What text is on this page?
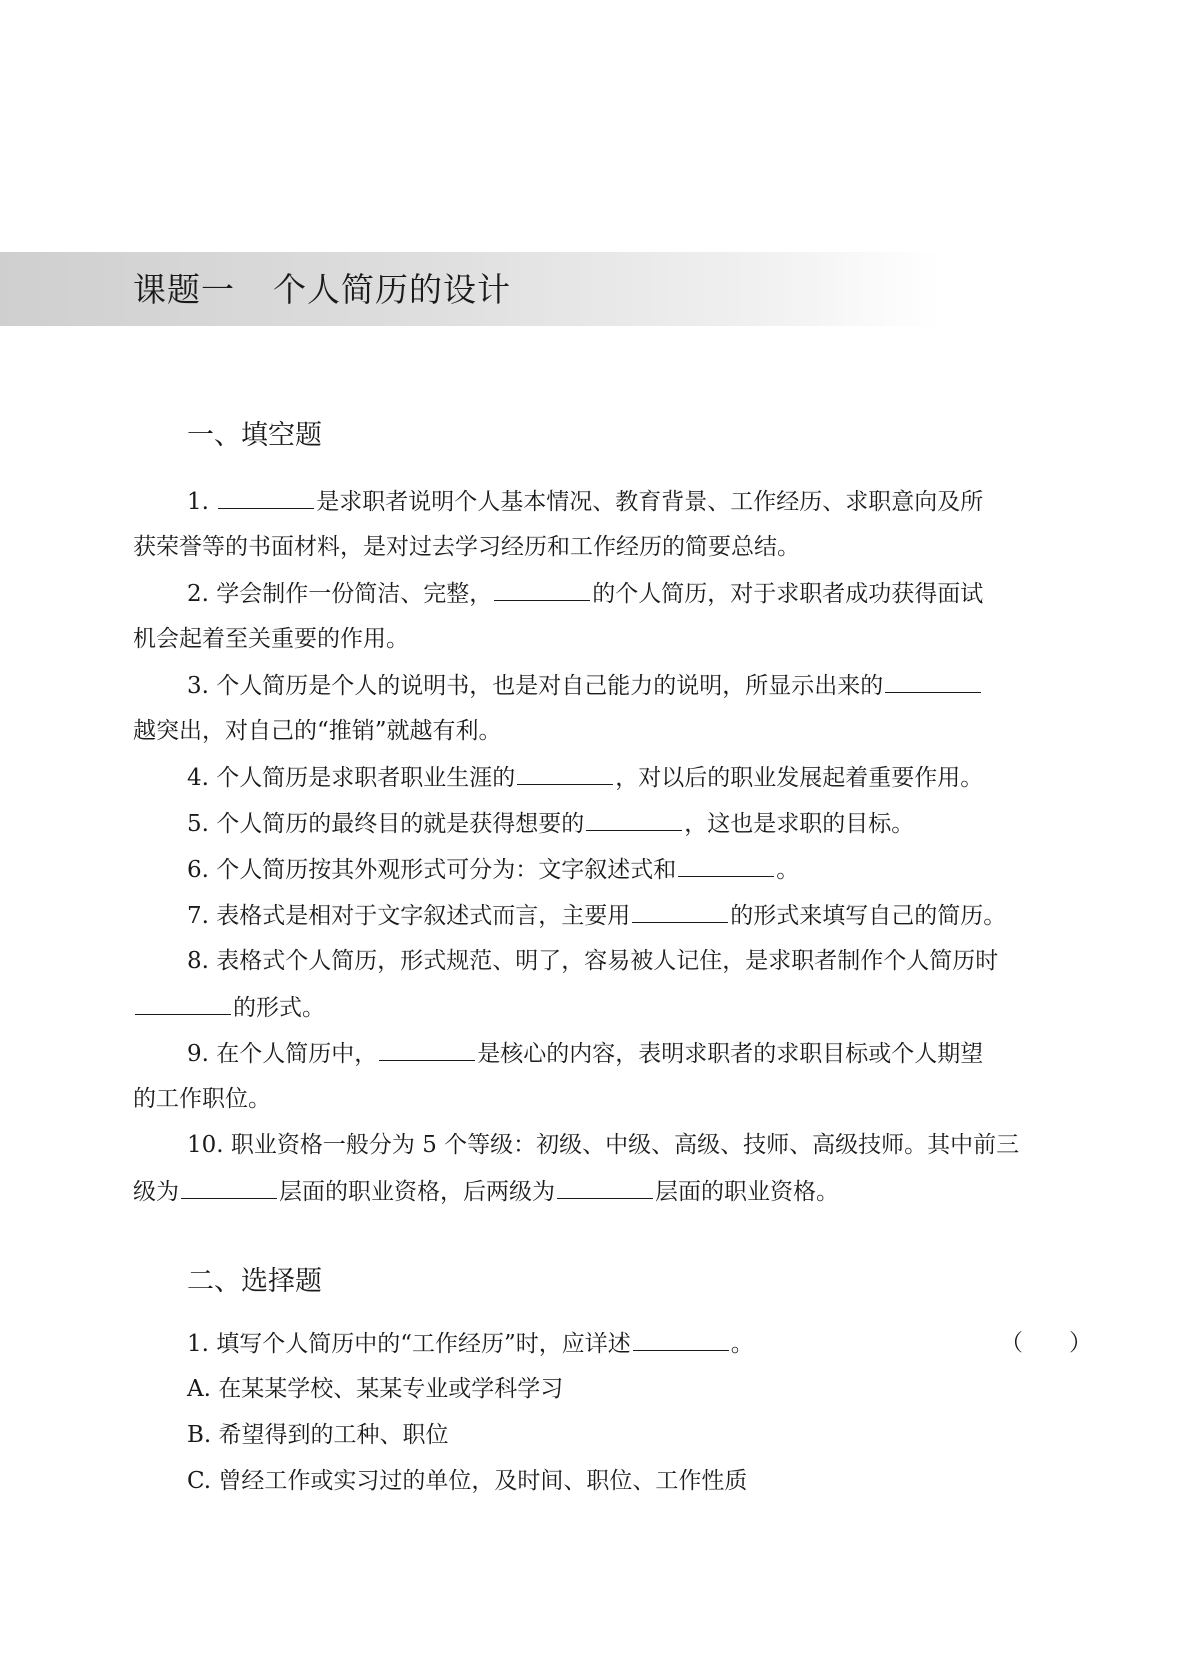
课题一 个人简历的设计
一、填空题
1.	是求职者说明个人基本情况、教育背景、工作经历、求职意向及所
获荣誉等的书面材料，是对过去学习经历和工作经历的简要总结。
2. 学会制作一份简洁、完整，	的个人简历，对于求职者成功获得面试
机会起着至关重要的作用。
3. 个人简历是个人的说明书，也是对自己能力的说明，所显示出来的
越突出，对自己的“推销”就越有利。
4. 个人简历是求职者职业生涯的	，对以后的职业发展起着重要作用。
5. 个人简历的最终目的就是获得想要的	，这也是求职的目标。
6. 个人简历按其外观形式可分为：文字叙述式和	。
7. 表格式是相对于文字叙述式而言，主要用	的形式来填写自己的简历。
8. 表格式个人简历，形式规范、明了，容易被人记住，是求职者制作个人简历时
的形式。
9. 在个人简历中，	是核心的内容，表明求职者的求职目标或个人期望
的工作职位。
10. 职业资格一般分为 5 个等级：初级、中级、高级、技师、高级技师。其中前三
级为	层面的职业资格，后两级为	层面的职业资格。
二、选择题
1. 填写个人简历中的“工作经历”时，应详述	。	（ ）
A. 在某某学校、某某专业或学科学习
B. 希望得到的工种、职位
C. 曾经工作或实习过的单位，及时间、职位、工作性质
